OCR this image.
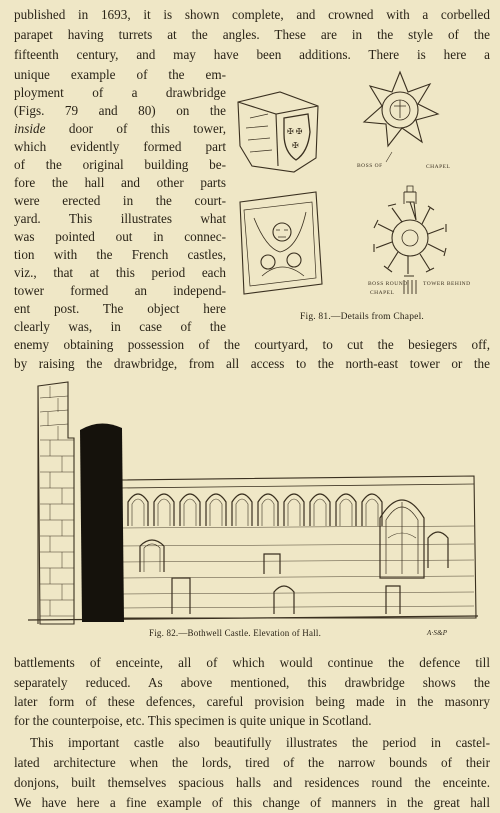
published in 1693, it is shown complete, and crowned with a corbelled
parapet having turrets at the angles. These are in the style of the
fifteenth century, and may have been additions. There is here a
unique example of the em-
ployment of a drawbridge
(Figs. 79 and 80) on the
inside door of this tower,
which evidently formed part
of the original building be-
fore the hall and other parts
were erected in the court-
yard. This illustrates what
was pointed out in connec-
tion with the French castles,
viz., that at this period each
tower formed an independ-
ent post. The object here
clearly was, in case of the
✠ ✠
✠
BOSS OF	CHAPEL
BOSS ROUND	TOWER BEHIND
CHAPEL
Fig. 81.—Details from Chapel.
enemy obtaining possession of the courtyard, to cut the besiegers off,
by raising the drawbridge, from all access to the north-east tower or the
Fig. 82.—Bothwell Castle. Elevation of Hall.	A·S&P
battlements of enceinte, all of which would continue the defence till
separately reduced. As above mentioned, this drawbridge shows the
later form of these defences, careful provision being made in the masonry
for the counterpoise, etc. This specimen is quite unique in Scotland.
This important castle also beautifully illustrates the period in castel-
lated architecture when the lords, tired of the narrow bounds of their
donjons, built themselves spacious halls and residences round the enceinte.
We have here a fine example of this change of manners in the great hall
